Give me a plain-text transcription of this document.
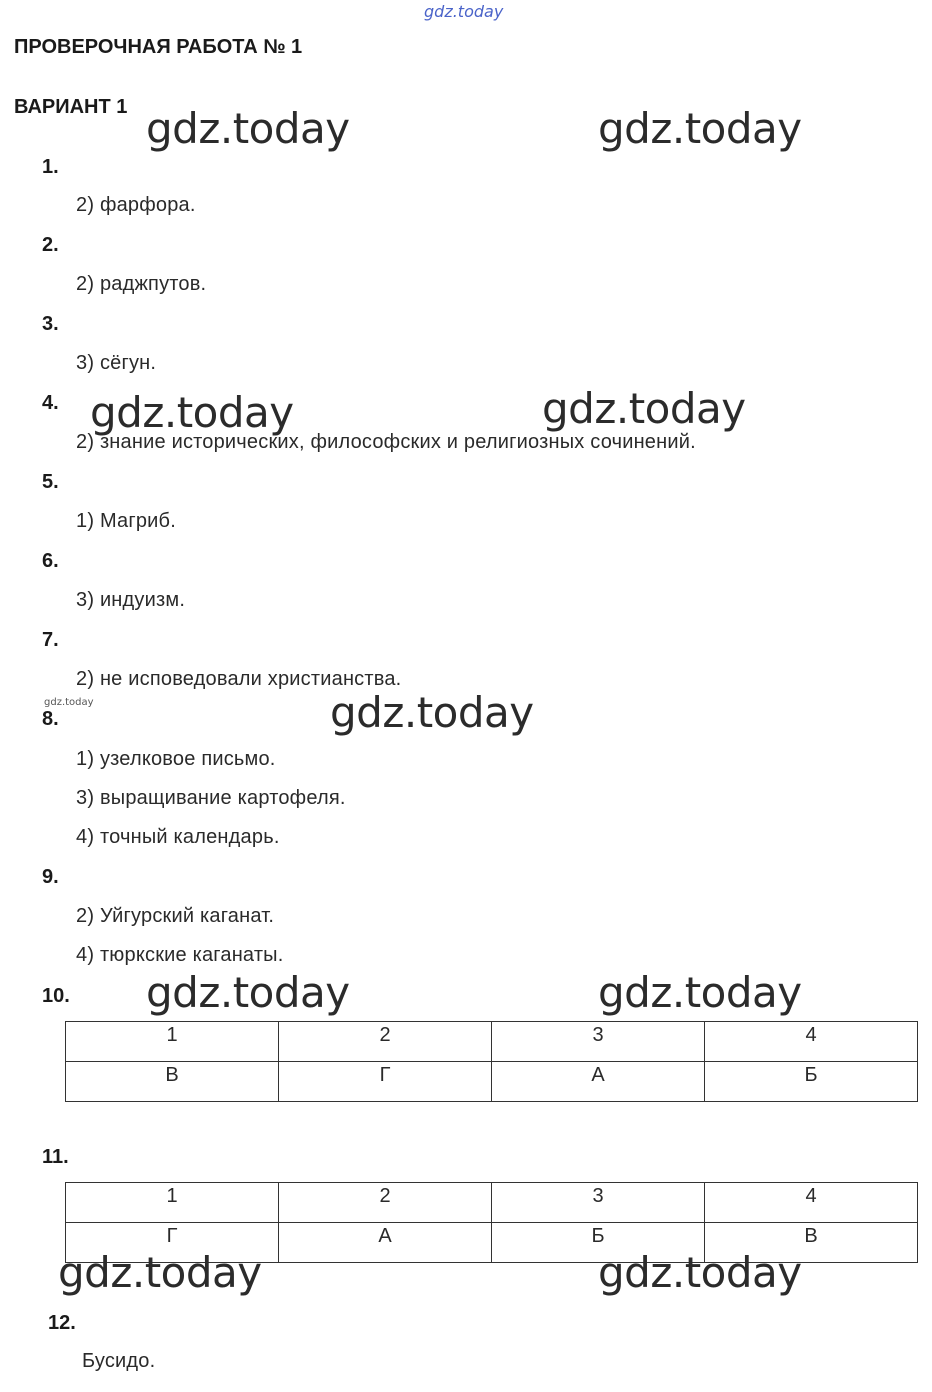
gdz.today
ПРОВЕРОЧНАЯ РАБОТА № 1
ВАРИАНТ 1
1.
2) фарфора.
2.
2) раджпутов.
3.
3) сёгун.
4.
2) знание исторических, философских и религиозных сочинений.
5.
1) Магриб.
6.
3) индуизм.
7.
2) не исповедовали христианства.
gdz.today
8.
1) узелковое письмо.
3) выращивание картофеля.
4) точный календарь.
9.
2) Уйгурский каганат.
4) тюркские каганаты.
10.
1	2	3	4
В	Г	А	Б
11.
1	2	3	4
Г	А	Б	В
12.
Бусидо.
gdz.today	gdz.today
gdz.today	gdz.today
gdz.today
gdz.today	gdz.today
gdz.today	gdz.today
